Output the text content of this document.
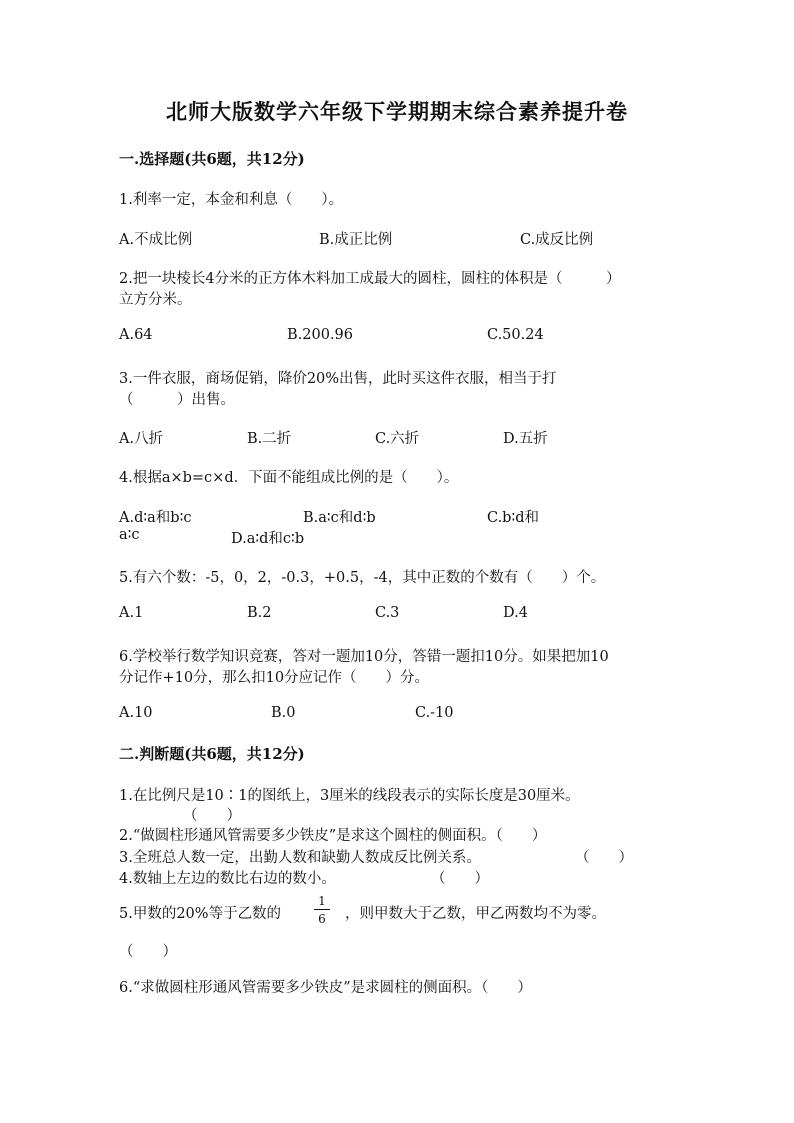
北师大版数学六年级下学期期末综合素养提升卷
一.选择题(共6题，共12分)
1.利率一定，本金和利息（　　）。
A.不成比例	B.成正比例	C.成反比例
2.把一块棱长4分米的正方体木料加工成最大的圆柱，圆柱的体积是（　　　）
立方分米。
A.64	B.200.96	C.50.24
3.一件衣服，商场促销，降价20%出售，此时买这件衣服，相当于打
（　　　）出售。
A.八折	B.二折	C.六折	D.五折
4.根据a×b=c×d．下面不能组成比例的是（　　）。
A.d∶a和b∶c	B.a∶c和d∶b	C.b∶d和
a∶c	D.a∶d和c∶b
5.有六个数：-5，0，2，-0.3，+0.5，-4，其中正数的个数有（　　）个。
A.1	B.2	C.3	D.4
6.学校举行数学知识竞赛，答对一题加10分，答错一题扣10分。如果把加10
分记作+10分，那么扣10分应记作（　　）分。
A.10	B.0	C.-10
二.判断题(共6题，共12分)
1.在比例尺是10∶1的图纸上，3厘米的线段表示的实际长度是30厘米。
（　　）
2.“做圆柱形通风管需要多少铁皮”是求这个圆柱的侧面积。（　　）
3.全班总人数一定，出勤人数和缺勤人数成反比例关系。	（　　）
4.数轴上左边的数比右边的数小。	（　　）
5.甲数的20%等于乙数的
1
6 ，则甲数大于乙数，甲乙两数均不为零。
（　　）
6.“求做圆柱形通风管需要多少铁皮”是求圆柱的侧面积。（　　）
